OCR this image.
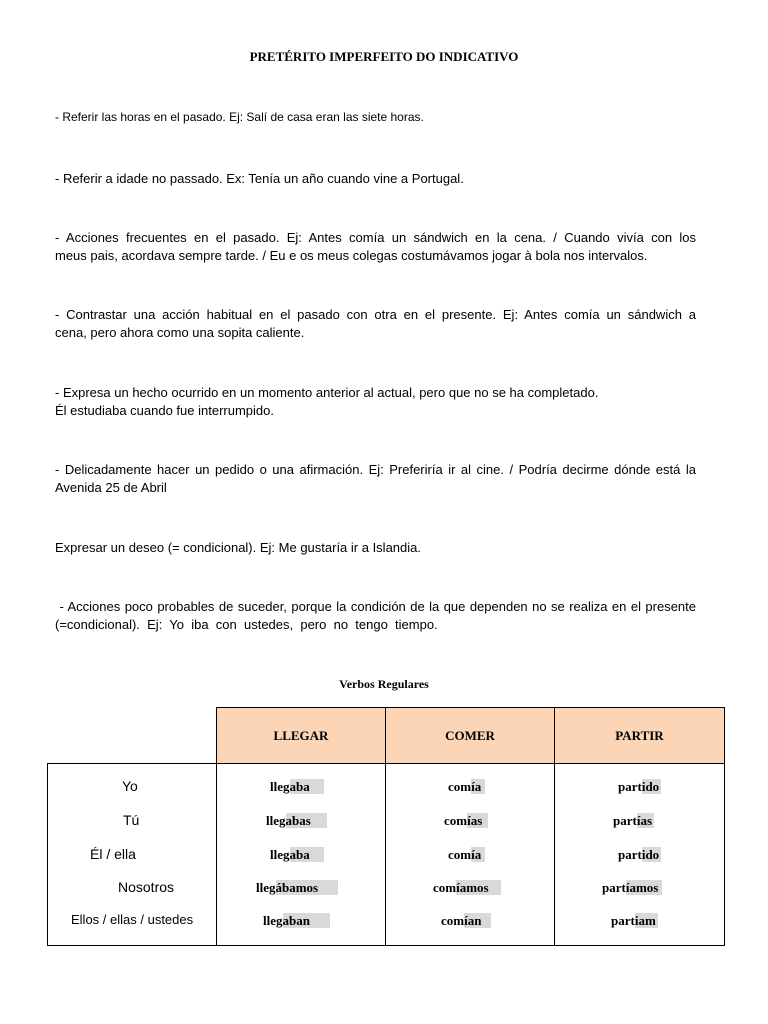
PRETÉRITO IMPERFEITO DO INDICATIVO
- Referir las horas en el pasado. Ej: Salí de casa eran las siete horas.
- Referir a idade no passado. Ex: Tenía un año cuando vine a Portugal.
- Acciones frecuentes en el pasado. Ej: Antes comía un sándwich en la cena. / Cuando vivía con los
meus pais, acordava sempre tarde. / Eu e os meus colegas costumávamos jogar à bola nos intervalos.
- Contrastar una acción habitual en el pasado con otra en el presente. Ej: Antes comía un sándwich a
cena, pero ahora como una sopita caliente.
- Expresa un hecho ocurrido en un momento anterior al actual, pero que no se ha completado.
Él estudiaba cuando fue interrumpido.
- Delicadamente hacer un pedido o una afirmación. Ej: Preferiría ir al cine. / Podría decirme dónde está la
Avenida 25 de Abril
Expresar un deseo (= condicional). Ej: Me gustaría ir a Islandia.
- Acciones poco probables de suceder, porque la condición de la que dependen no se realiza en el presente
(=condicional).  Ej:  Yo  iba  con  ustedes,  pero  no  tengo  tiempo.
Verbos Regulares
LLEGAR	COMER	PARTIR
Yo
Tú
Él / ella
Nosotros
Ellos / ellas / ustedes
llegaba
llegabas
llegaba
llegábamos
llegaban
comía
comías
comía
comíamos
comían
partido
partías
partido
partíamos
partiam
